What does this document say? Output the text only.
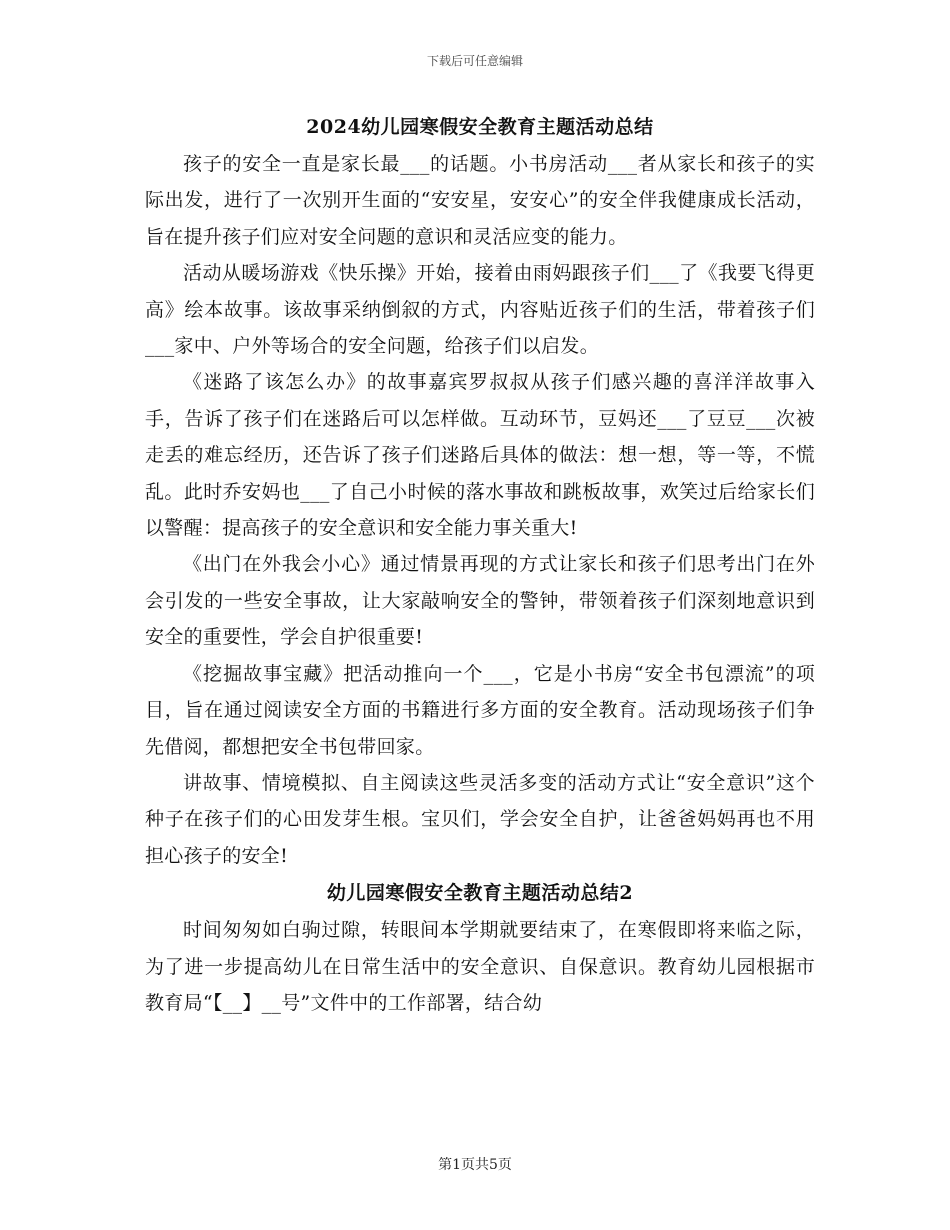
下载后可任意编辑
2024幼儿园寒假安全教育主题活动总结

孩子的安全一直是家长最___的话题。小书房活动___者从家长和孩子的实际出发，进行了一次别开生面的“安安星，安安心”的安全伴我健康成长活动，旨在提升孩子们应对安全问题的意识和灵活应变的能力。

活动从暖场游戏《快乐操》开始，接着由雨妈跟孩子们___了《我要飞得更高》绘本故事。该故事采纳倒叙的方式，内容贴近孩子们的生活，带着孩子们___家中、户外等场合的安全问题，给孩子们以启发。

《迷路了该怎么办》的故事嘉宾罗叔叔从孩子们感兴趣的喜洋洋故事入手，告诉了孩子们在迷路后可以怎样做。互动环节，豆妈还___了豆豆___次被走丢的难忘经历，还告诉了孩子们迷路后具体的做法：想一想，等一等，不慌乱。此时乔安妈也___了自己小时候的落水事故和跳板故事，欢笑过后给家长们以警醒：提高孩子的安全意识和安全能力事关重大!

《出门在外我会小心》通过情景再现的方式让家长和孩子们思考出门在外会引发的一些安全事故，让大家敲响安全的警钟，带领着孩子们深刻地意识到安全的重要性，学会自护很重要!

《挖掘故事宝藏》把活动推向一个___，它是小书房“安全书包漂流”的项目，旨在通过阅读安全方面的书籍进行多方面的安全教育。活动现场孩子们争先借阅，都想把安全书包带回家。

讲故事、情境模拟、自主阅读这些灵活多变的活动方式让“安全意识”这个种子在孩子们的心田发芽生根。宝贝们，学会安全自护，让爸爸妈妈再也不用担心孩子的安全!

幼儿园寒假安全教育主题活动总结2

时间匆匆如白驹过隙，转眼间本学期就要结束了，在寒假即将来临之际，为了进一步提高幼儿在日常生活中的安全意识、自保意识。教育幼儿园根据市教育局“【__】__号”文件中的工作部署，结合幼

第1页共5页
